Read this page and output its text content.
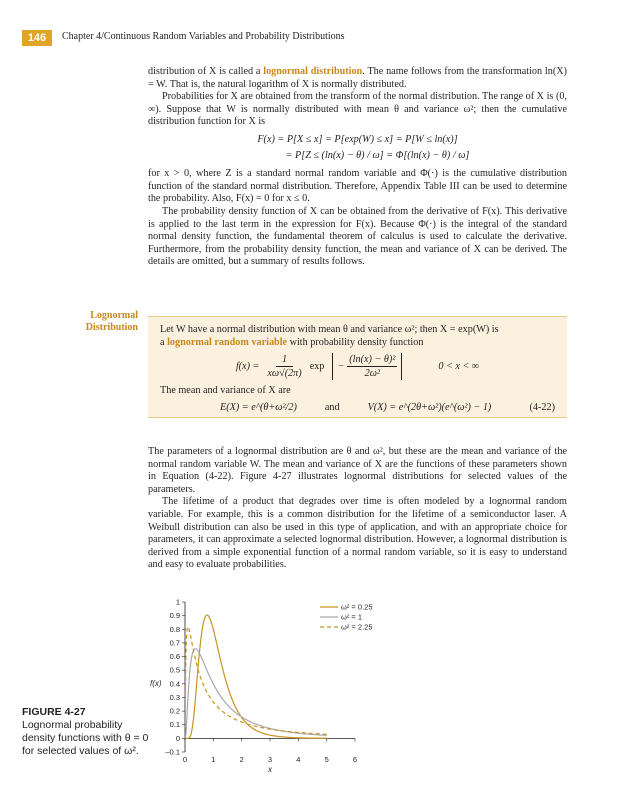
146	Chapter 4/Continuous Random Variables and Probability Distributions

distribution of X is called a lognormal distribution. The name follows from the transformation ln(X) = W. That is, the natural logarithm of X is normally distributed.

Probabilities for X are obtained from the transform of the normal distribution. The range of X is (0, ∞). Suppose that W is normally distributed with mean θ and variance ω²; then the cumulative distribution function for X is

F(x) = P[X ≤ x] = P[exp(W) ≤ x] = P[W ≤ ln(x)]
= P[Z ≤ (ln(x) − θ) / ω] = Φ[(ln(x) − θ) / ω]

for x > 0, where Z is a standard normal random variable and Φ(·) is the cumulative distribution function of the standard normal distribution. Therefore, Appendix Table III can be used to determine the probability. Also, F(x) = 0 for x ≤ 0.

The probability density function of X can be obtained from the derivative of F(x). This derivative is applied to the last term in the expression for F(x). Because Φ(·) is the integral of the standard normal density function, the fundamental theorem of calculus is used to calculate the derivative. Furthermore, from the probability density function, the mean and variance of X can be derived. The details are omitted, but a summary of results follows.

Lognormal Distribution Let W have a normal distribution with mean θ and variance ω²; then X = exp(W) is
a lognormal random variable with probability density function
$f(x) = \frac{1}{x\omega√(2\pi)}$ $\exp - \frac{\text{(ln(x) − θ)²}}{\text{2ω²}}$	0 < x < ∞
The mean and variance of X are
E(X) = e^(θ+ω²/2)	and	V(X) = e^(2θ+ω²)(e^(ω²) − 1)	(4-22)

The parameters of a lognormal distribution are θ and ω², but these are the mean and variance of the normal random variable W. The mean and variance of X are the functions of these parameters shown in Equation (4-22). Figure 4-27 illustrates lognormal distributions for selected values of the parameters.

The lifetime of a product that degrades over time is often modeled by a lognormal random variable. For example, this is a common distribution for the lifetime of a semiconductor laser. A Weibull distribution can also be used in this type of application, and with an appropriate choice for parameters, it can approximate a selected lognormal distribution. However, a lognormal distribution is derived from a simple exponential function of a normal random variable, so it is easy to understand and easy to evaluate probabilities.

0	1	2	3	4	5	6
–0.1
0
0.1
0.2
0.3
0.4
0.5
0.6
0.7
0.8
0.9
1
x
f(x)
ω² = 0.25
ω² = 1
ω² = 2.25
FIGURE 4-27
Lognormal probability density functions with θ = 0 for selected values of ω².
